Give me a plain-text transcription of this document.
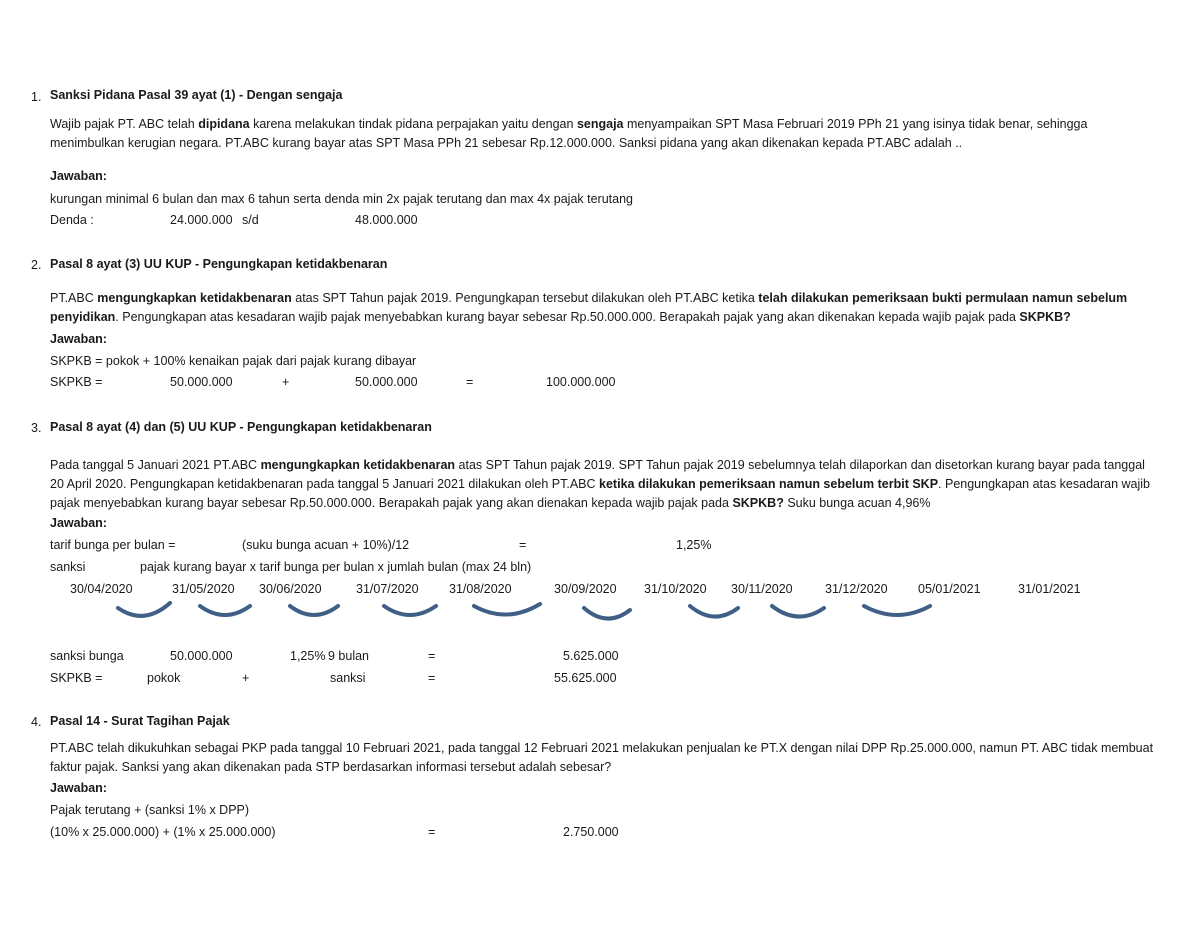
1. Sanksi Pidana Pasal 39 ayat (1) - Dengan sengaja
Wajib pajak PT. ABC telah dipidana karena melakukan tindak pidana perpajakan yaitu dengan sengaja menyampaikan SPT Masa Februari 2019 PPh 21 yang isinya tidak benar, sehingga menimbulkan kerugian negara. PT.ABC kurang bayar atas SPT Masa PPh 21 sebesar Rp.12.000.000. Sanksi pidana yang akan dikenakan kepada PT.ABC adalah ..
Jawaban:
kurungan minimal 6 bulan dan max 6 tahun serta denda min 2x pajak terutang dan max 4x pajak terutang
Denda :	24.000.000 s/d	48.000.000
2. Pasal 8 ayat (3) UU KUP - Pengungkapan ketidakbenaran
PT.ABC mengungkapkan ketidakbenaran atas SPT Tahun pajak 2019. Pengungkapan tersebut dilakukan oleh PT.ABC ketika telah dilakukan pemeriksaan bukti permulaan namun sebelum penyidikan. Pengungkapan atas kesadaran wajib pajak menyebabkan kurang bayar sebesar Rp.50.000.000. Berapakah pajak yang akan dikenakan kepada wajib pajak pada SKPKB?
Jawaban:
SKPKB = pokok + 100% kenaikan pajak dari pajak kurang dibayar
SKPKB =	50.000.000	+	50.000.000	=	100.000.000
3. Pasal 8 ayat (4) dan (5) UU KUP - Pengungkapan ketidakbenaran
Pada tanggal 5 Januari 2021 PT.ABC mengungkapkan ketidakbenaran atas SPT Tahun pajak 2019. SPT Tahun pajak 2019 sebelumnya telah dilaporkan dan disetorkan kurang bayar pada tanggal 20 April 2020. Pengungkapan ketidakbenaran pada tanggal 5 Januari 2021 dilakukan oleh PT.ABC ketika dilakukan pemeriksaan namun sebelum terbit SKP. Pengungkapan atas kesadaran wajib pajak menyebabkan kurang bayar sebesar Rp.50.000.000. Berapakah pajak yang akan dienakan kepada wajib pajak pada SKPKB? Suku bunga acuan 4,96%
Jawaban:
tarif bunga per bulan =	(suku bunga acuan + 10%)/12	=	1,25%
sanksi	pajak kurang bayar x tarif bunga per bulan x jumlah bulan (max 24 bln)
30/04/2020	31/05/2020 30/06/2020	31/07/2020 31/08/2020	30/09/2020 31/10/2020 30/11/2020	31/12/2020 05/01/2021	31/01/2021
sanksi bunga	50.000.000	1,25% 9 bulan	=	5.625.000
SKPKB =	pokok	+	sanksi	=	55.625.000
4. Pasal 14 - Surat Tagihan Pajak
PT.ABC telah dikukuhkan sebagai PKP pada tanggal 10 Februari 2021, pada tanggal 12 Februari 2021 melakukan penjualan ke PT.X dengan nilai DPP Rp.25.000.000, namun PT. ABC tidak membuat faktur pajak. Sanksi yang akan dikenakan pada STP berdasarkan informasi tersebut adalah sebesar?
Jawaban:
Pajak terutang + (sanksi 1% x DPP)
(10% x 25.000.000) + (1% x 25.000.000)	=	2.750.000
